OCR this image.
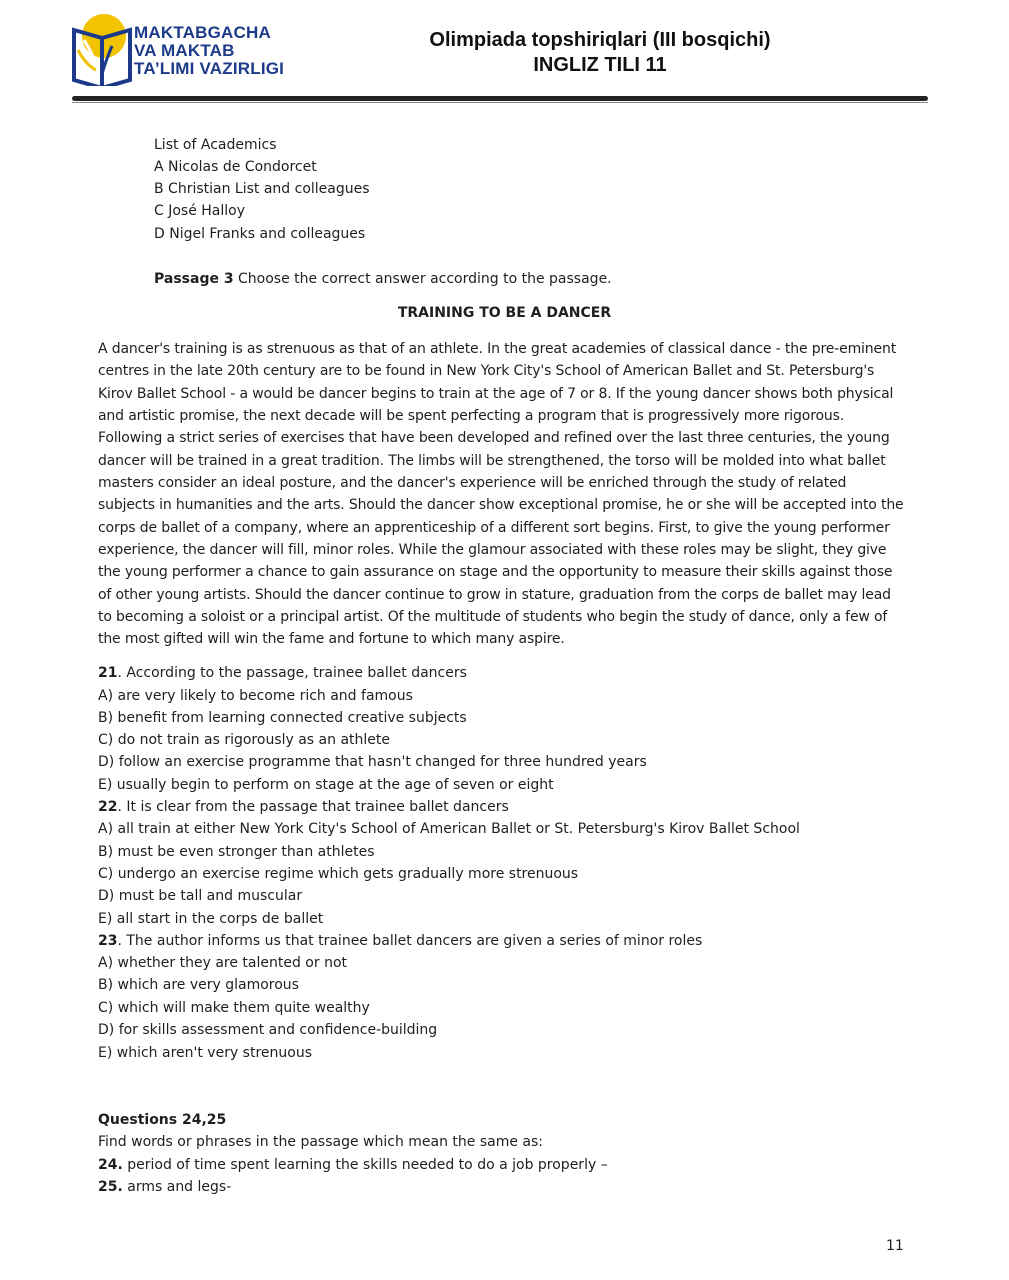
MAKTABGACHA
VA MAKTAB
TA’LIMI VAZIRLIGI
Olimpiada topshiriqlari (III bosqichi)
INGLIZ TILI 11
List of Academics
A Nicolas de Condorcet
B Christian List and colleagues
C José Halloy
D Nigel Franks and colleagues
Passage 3 Choose the correct answer according to the passage.
TRAINING TO BE A DANCER
A dancer's training is as strenuous as that of an athlete. In the great academies of classical dance - the pre-eminent
centres in the late 20th century are to be found in New York City's School of American Ballet and St. Petersburg's
Kirov Ballet School - a would be dancer begins to train at the age of 7 or 8. If the young dancer shows both physical
and artistic promise, the next decade will be spent perfecting a program that is progressively more rigorous.
Following a strict series of exercises that have been developed and refined over the last three centuries, the young
dancer will be trained in a great tradition. The limbs will be strengthened, the torso will be molded into what ballet
masters consider an ideal posture, and the dancer's experience will be enriched through the study of related
subjects in humanities and the arts. Should the dancer show exceptional promise, he or she will be accepted into the
corps de ballet of a company, where an apprenticeship of a different sort begins. First, to give the young performer
experience, the dancer will fill, minor roles. While the glamour associated with these roles may be slight, they give
the young performer a chance to gain assurance on stage and the opportunity to measure their skills against those
of other young artists. Should the dancer continue to grow in stature, graduation from the corps de ballet may lead
to becoming a soloist or a principal artist. Of the multitude of students who begin the study of dance, only a few of
the most gifted will win the fame and fortune to which many aspire.
21. According to the passage, trainee ballet dancers
A) are very likely to become rich and famous
B) benefit from learning connected creative subjects
C) do not train as rigorously as an athlete
D) follow an exercise programme that hasn't changed for three hundred years
E) usually begin to perform on stage at the age of seven or eight
22. It is clear from the passage that trainee ballet dancers
A) all train at either New York City's School of American Ballet or St. Petersburg's Kirov Ballet School
B) must be even stronger than athletes
C) undergo an exercise regime which gets gradually more strenuous
D) must be tall and muscular
E) all start in the corps de ballet
23. The author informs us that trainee ballet dancers are given a series of minor roles
A) whether they are talented or not
B) which are very glamorous
C) which will make them quite wealthy
D) for skills assessment and confidence-building
E) which aren't very strenuous
Questions 24,25
Find words or phrases in the passage which mean the same as:
24. period of time spent learning the skills needed to do a job properly –
25. arms and legs-
11
